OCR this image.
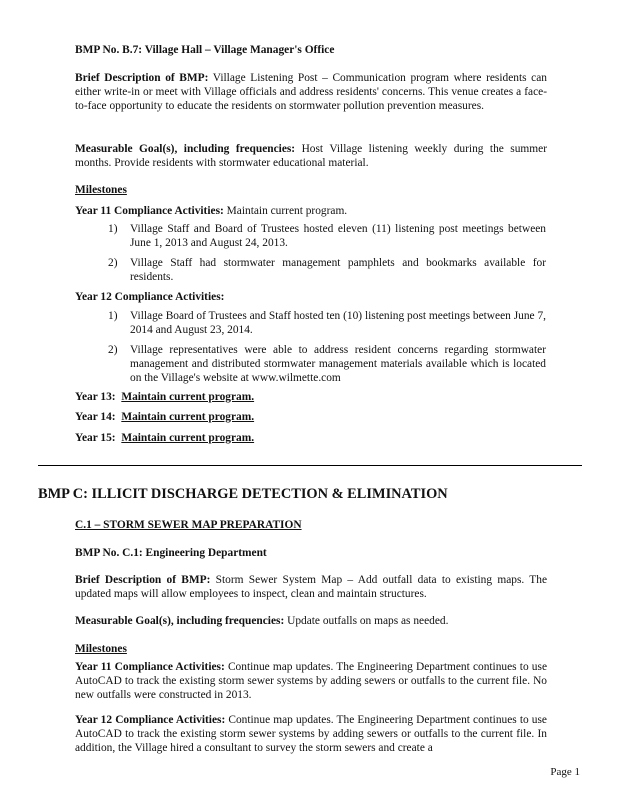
BMP No. B.7: Village Hall – Village Manager's Office
Brief Description of BMP: Village Listening Post – Communication program where residents can either write-in or meet with Village officials and address residents' concerns. This venue creates a face-to-face opportunity to educate the residents on stormwater pollution prevention measures.
Measurable Goal(s), including frequencies: Host Village listening weekly during the summer months. Provide residents with stormwater educational material.
Milestones
Year 11 Compliance Activities: Maintain current program.
1) Village Staff and Board of Trustees hosted eleven (11) listening post meetings between June 1, 2013 and August 24, 2013.
2) Village Staff had stormwater management pamphlets and bookmarks available for residents.
Year 12 Compliance Activities:
1) Village Board of Trustees and Staff hosted ten (10) listening post meetings between June 7, 2014 and August 23, 2014.
2) Village representatives were able to address resident concerns regarding stormwater management and distributed stormwater management materials available which is located on the Village's website at www.wilmette.com
Year 13: Maintain current program.
Year 14: Maintain current program.
Year 15: Maintain current program.
BMP C: ILLICIT DISCHARGE DETECTION & ELIMINATION
C.1 – STORM SEWER MAP PREPARATION
BMP No. C.1: Engineering Department
Brief Description of BMP: Storm Sewer System Map – Add outfall data to existing maps. The updated maps will allow employees to inspect, clean and maintain structures.
Measurable Goal(s), including frequencies: Update outfalls on maps as needed.
Milestones
Year 11 Compliance Activities: Continue map updates. The Engineering Department continues to use AutoCAD to track the existing storm sewer systems by adding sewers or outfalls to the current file. No new outfalls were constructed in 2013.
Year 12 Compliance Activities: Continue map updates. The Engineering Department continues to use AutoCAD to track the existing storm sewer systems by adding sewers or outfalls to the current file. In addition, the Village hired a consultant to survey the storm sewers and create a
Page 1
